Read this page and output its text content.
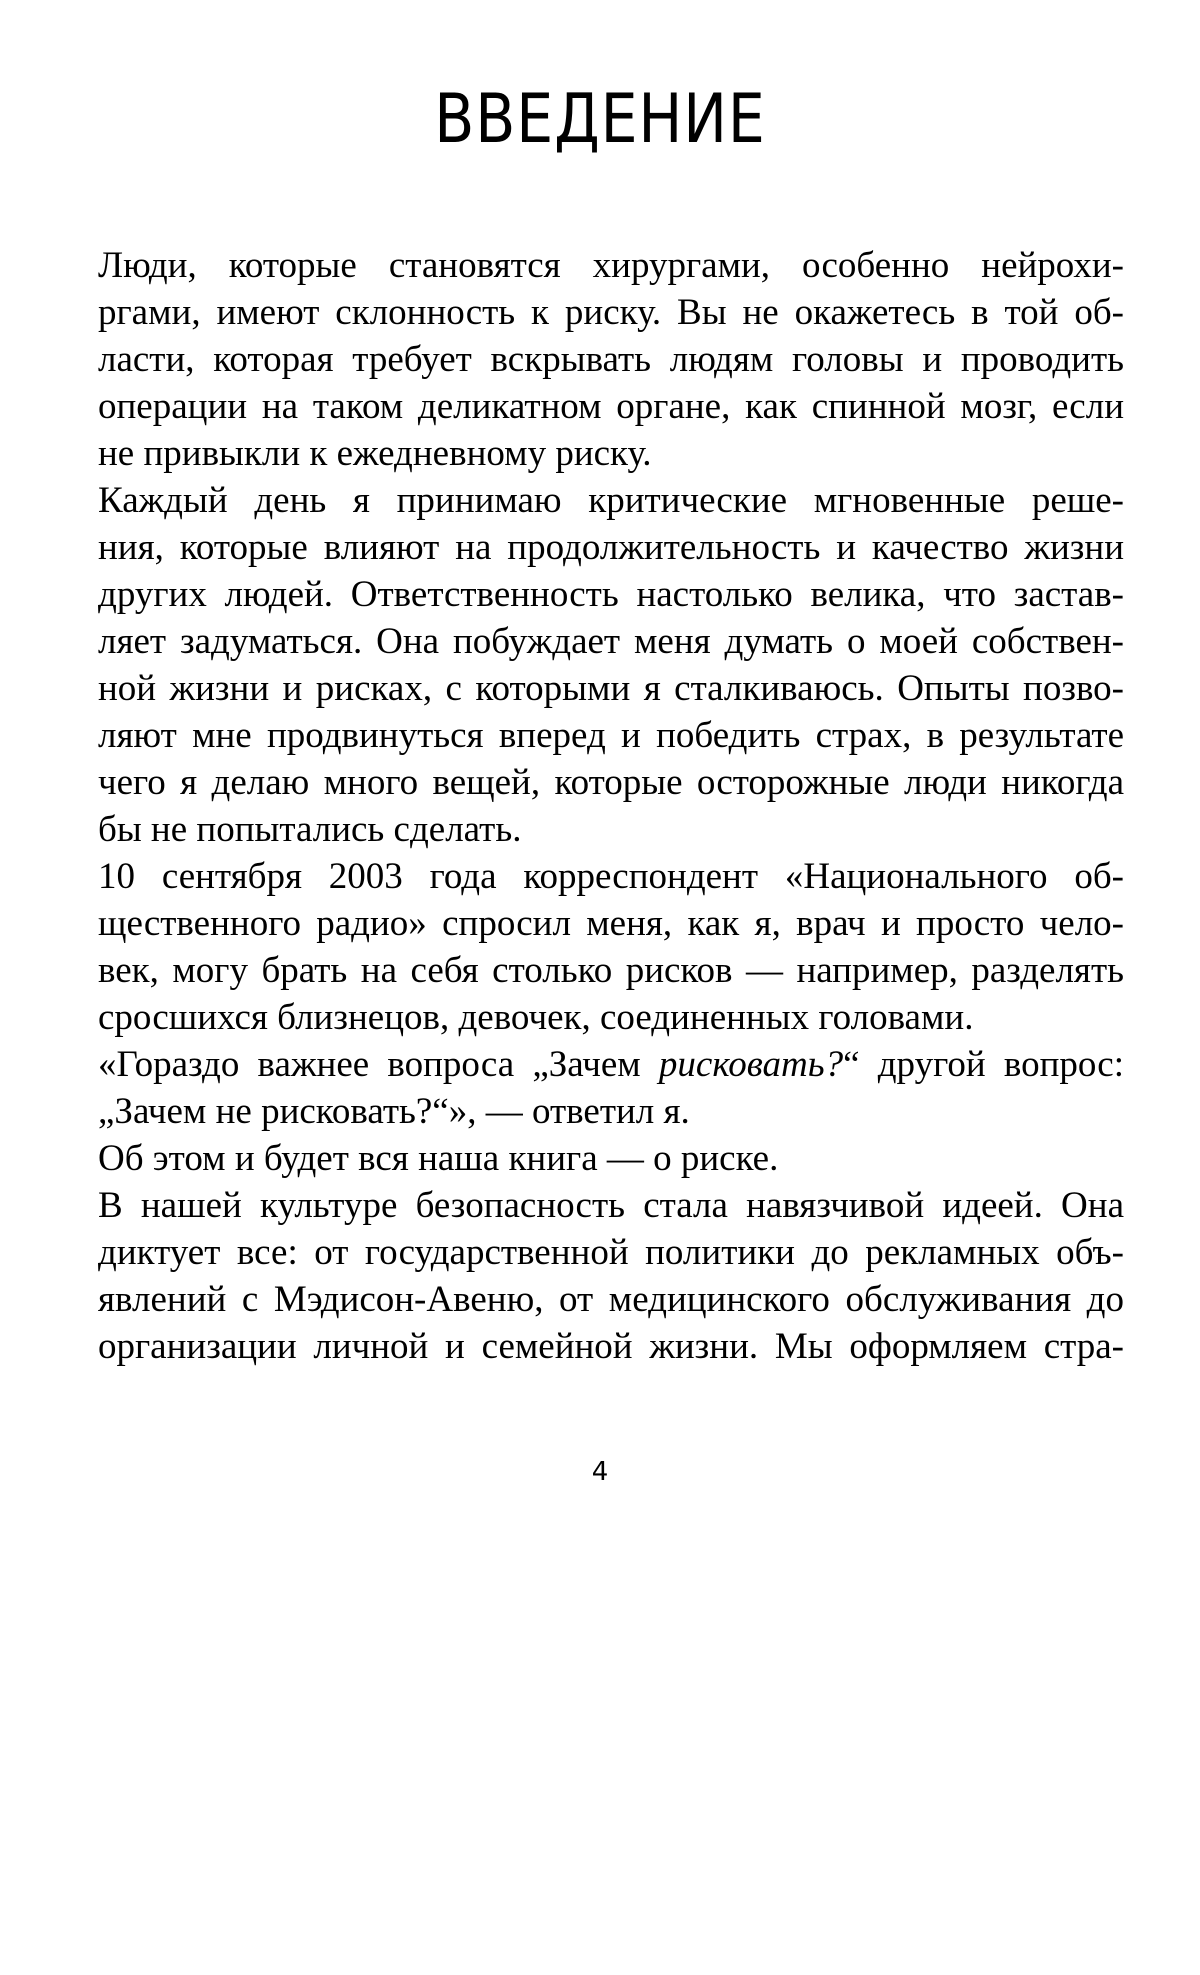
ВВЕДЕНИЕ

Люди, которые становятся хирургами, особенно нейрохи-
ргами, имеют склонность к риску. Вы не окажетесь в той об-
ласти, которая требует вскрывать людям головы и проводить
операции на таком деликатном органе, как спинной мозг, если
не привыкли к ежедневному риску.

Каждый день я принимаю критические мгновенные реше-
ния, которые влияют на продолжительность и качество жизни
других людей. Ответственность настолько велика, что застав-
ляет задуматься. Она побуждает меня думать о моей собствен-
ной жизни и рисках, с которыми я сталкиваюсь. Опыты позво-
ляют мне продвинуться вперед и победить страх, в результате
чего я делаю много вещей, которые осторожные люди никогда
бы не попытались сделать.

10 сентября 2003 года корреспондент «Национального об-
щественного радио» спросил меня, как я, врач и просто чело-
век, могу брать на себя столько рисков — например, разделять
сросшихся близнецов, девочек, соединенных головами.

«Гораздо важнее вопроса „Зачем рисковать?“ другой вопрос:
„Зачем не рисковать?“», — ответил я.

Об этом и будет вся наша книга — о риске.

В нашей культуре безопасность стала навязчивой идеей. Она
диктует все: от государственной политики до рекламных объ-
явлений с Мэдисон-Авеню, от медицинского обслуживания до
организации личной и семейной жизни. Мы оформляем стра-

4
